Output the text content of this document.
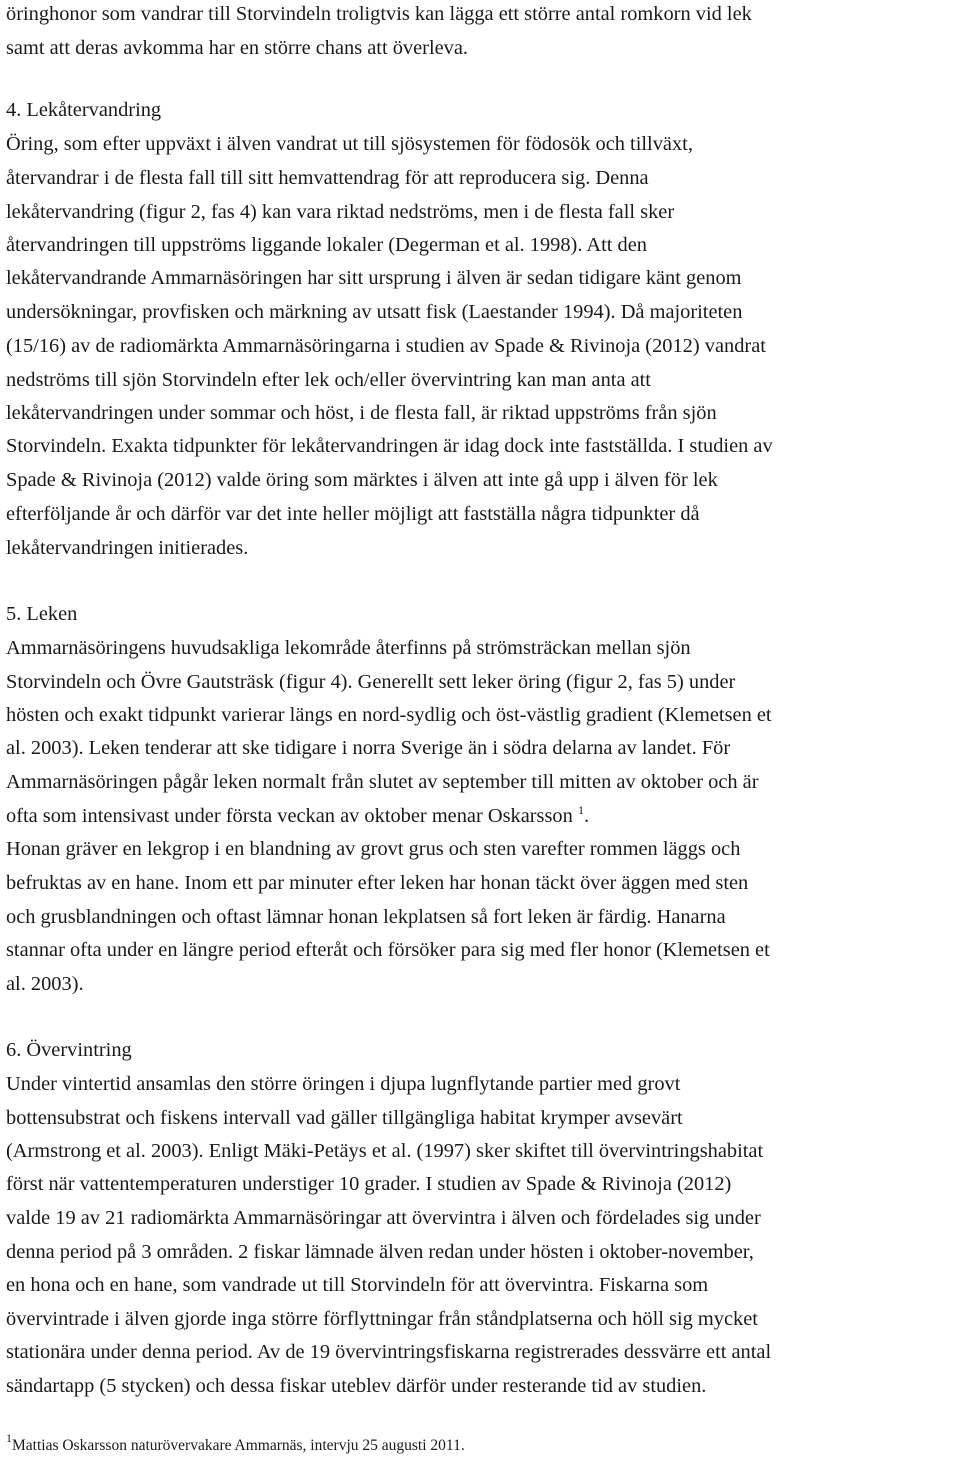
öringhonor som vandrar till Storvindeln troligtvis kan lägga ett större antal romkorn vid lek
samt att deras avkomma har en större chans att överleva.
4. Lekåtervandring
Öring, som efter uppväxt i älven vandrat ut till sjösystemen för födosök och tillväxt,
återvandrar i de flesta fall till sitt hemvattendrag för att reproducera sig. Denna
lekåtervandring (figur 2, fas 4) kan vara riktad nedströms, men i de flesta fall sker
återvandringen till uppströms liggande lokaler (Degerman et al. 1998). Att den
lekåtervandrande Ammarnäsöringen har sitt ursprung i älven är sedan tidigare känt genom
undersökningar, provfisken och märkning av utsatt fisk (Laestander 1994). Då majoriteten
(15/16) av de radiomärkta Ammarnäsöringarna i studien av Spade & Rivinoja (2012) vandrat
nedströms till sjön Storvindeln efter lek och/eller övervintring kan man anta att
lekåtervandringen under sommar och höst, i de flesta fall, är riktad uppströms från sjön
Storvindeln. Exakta tidpunkter för lekåtervandringen är idag dock inte fastställda. I studien av
Spade & Rivinoja (2012) valde öring som märktes i älven att inte gå upp i älven för lek
efterföljande år och därför var det inte heller möjligt att fastställa några tidpunkter då
lekåtervandringen initierades.
5. Leken
Ammarnäsöringens huvudsakliga lekområde återfinns på strömsträckan mellan sjön
Storvindeln och Övre Gautsträsk (figur 4). Generellt sett leker öring (figur 2, fas 5) under
hösten och exakt tidpunkt varierar längs en nord-sydlig och öst-västlig gradient (Klemetsen et
al. 2003). Leken tenderar att ske tidigare i norra Sverige än i södra delarna av landet. För
Ammarnäsöringen pågår leken normalt från slutet av september till mitten av oktober och är
ofta som intensivast under första veckan av oktober menar Oskarsson $^1$.
Honan gräver en lekgrop i en blandning av grovt grus och sten varefter rommen läggs och
befruktas av en hane. Inom ett par minuter efter leken har honan täckt över äggen med sten
och grusblandningen och oftast lämnar honan lekplatsen så fort leken är färdig. Hanarna
stannar ofta under en längre period efteråt och försöker para sig med fler honor (Klemetsen et
al. 2003).
6. Övervintring
Under vintertid ansamlas den större öringen i djupa lugnflytande partier med grovt
bottensubstrat och fiskens intervall vad gäller tillgängliga habitat krymper avsevärt
(Armstrong et al. 2003). Enligt Mäki-Petäys et al. (1997) sker skiftet till övervintringshabitat
först när vattentemperaturen understiger 10 grader. I studien av Spade & Rivinoja (2012)
valde 19 av 21 radiomärkta Ammarnäsöringar att övervintra i älven och fördelades sig under
denna period på 3 områden. 2 fiskar lämnade älven redan under hösten i oktober-november,
en hona och en hane, som vandrade ut till Storvindeln för att övervintra. Fiskarna som
övervintrade i älven gjorde inga större förflyttningar från ståndplatserna och höll sig mycket
stationära under denna period. Av de 19 övervintringsfiskarna registrerades dessvärre ett antal
sändartapp (5 stycken) och dessa fiskar uteblev därför under resterande tid av studien.
$^1$Mattias Oskarsson naturövervakare Ammarnäs, intervju 25 augusti 2011.
